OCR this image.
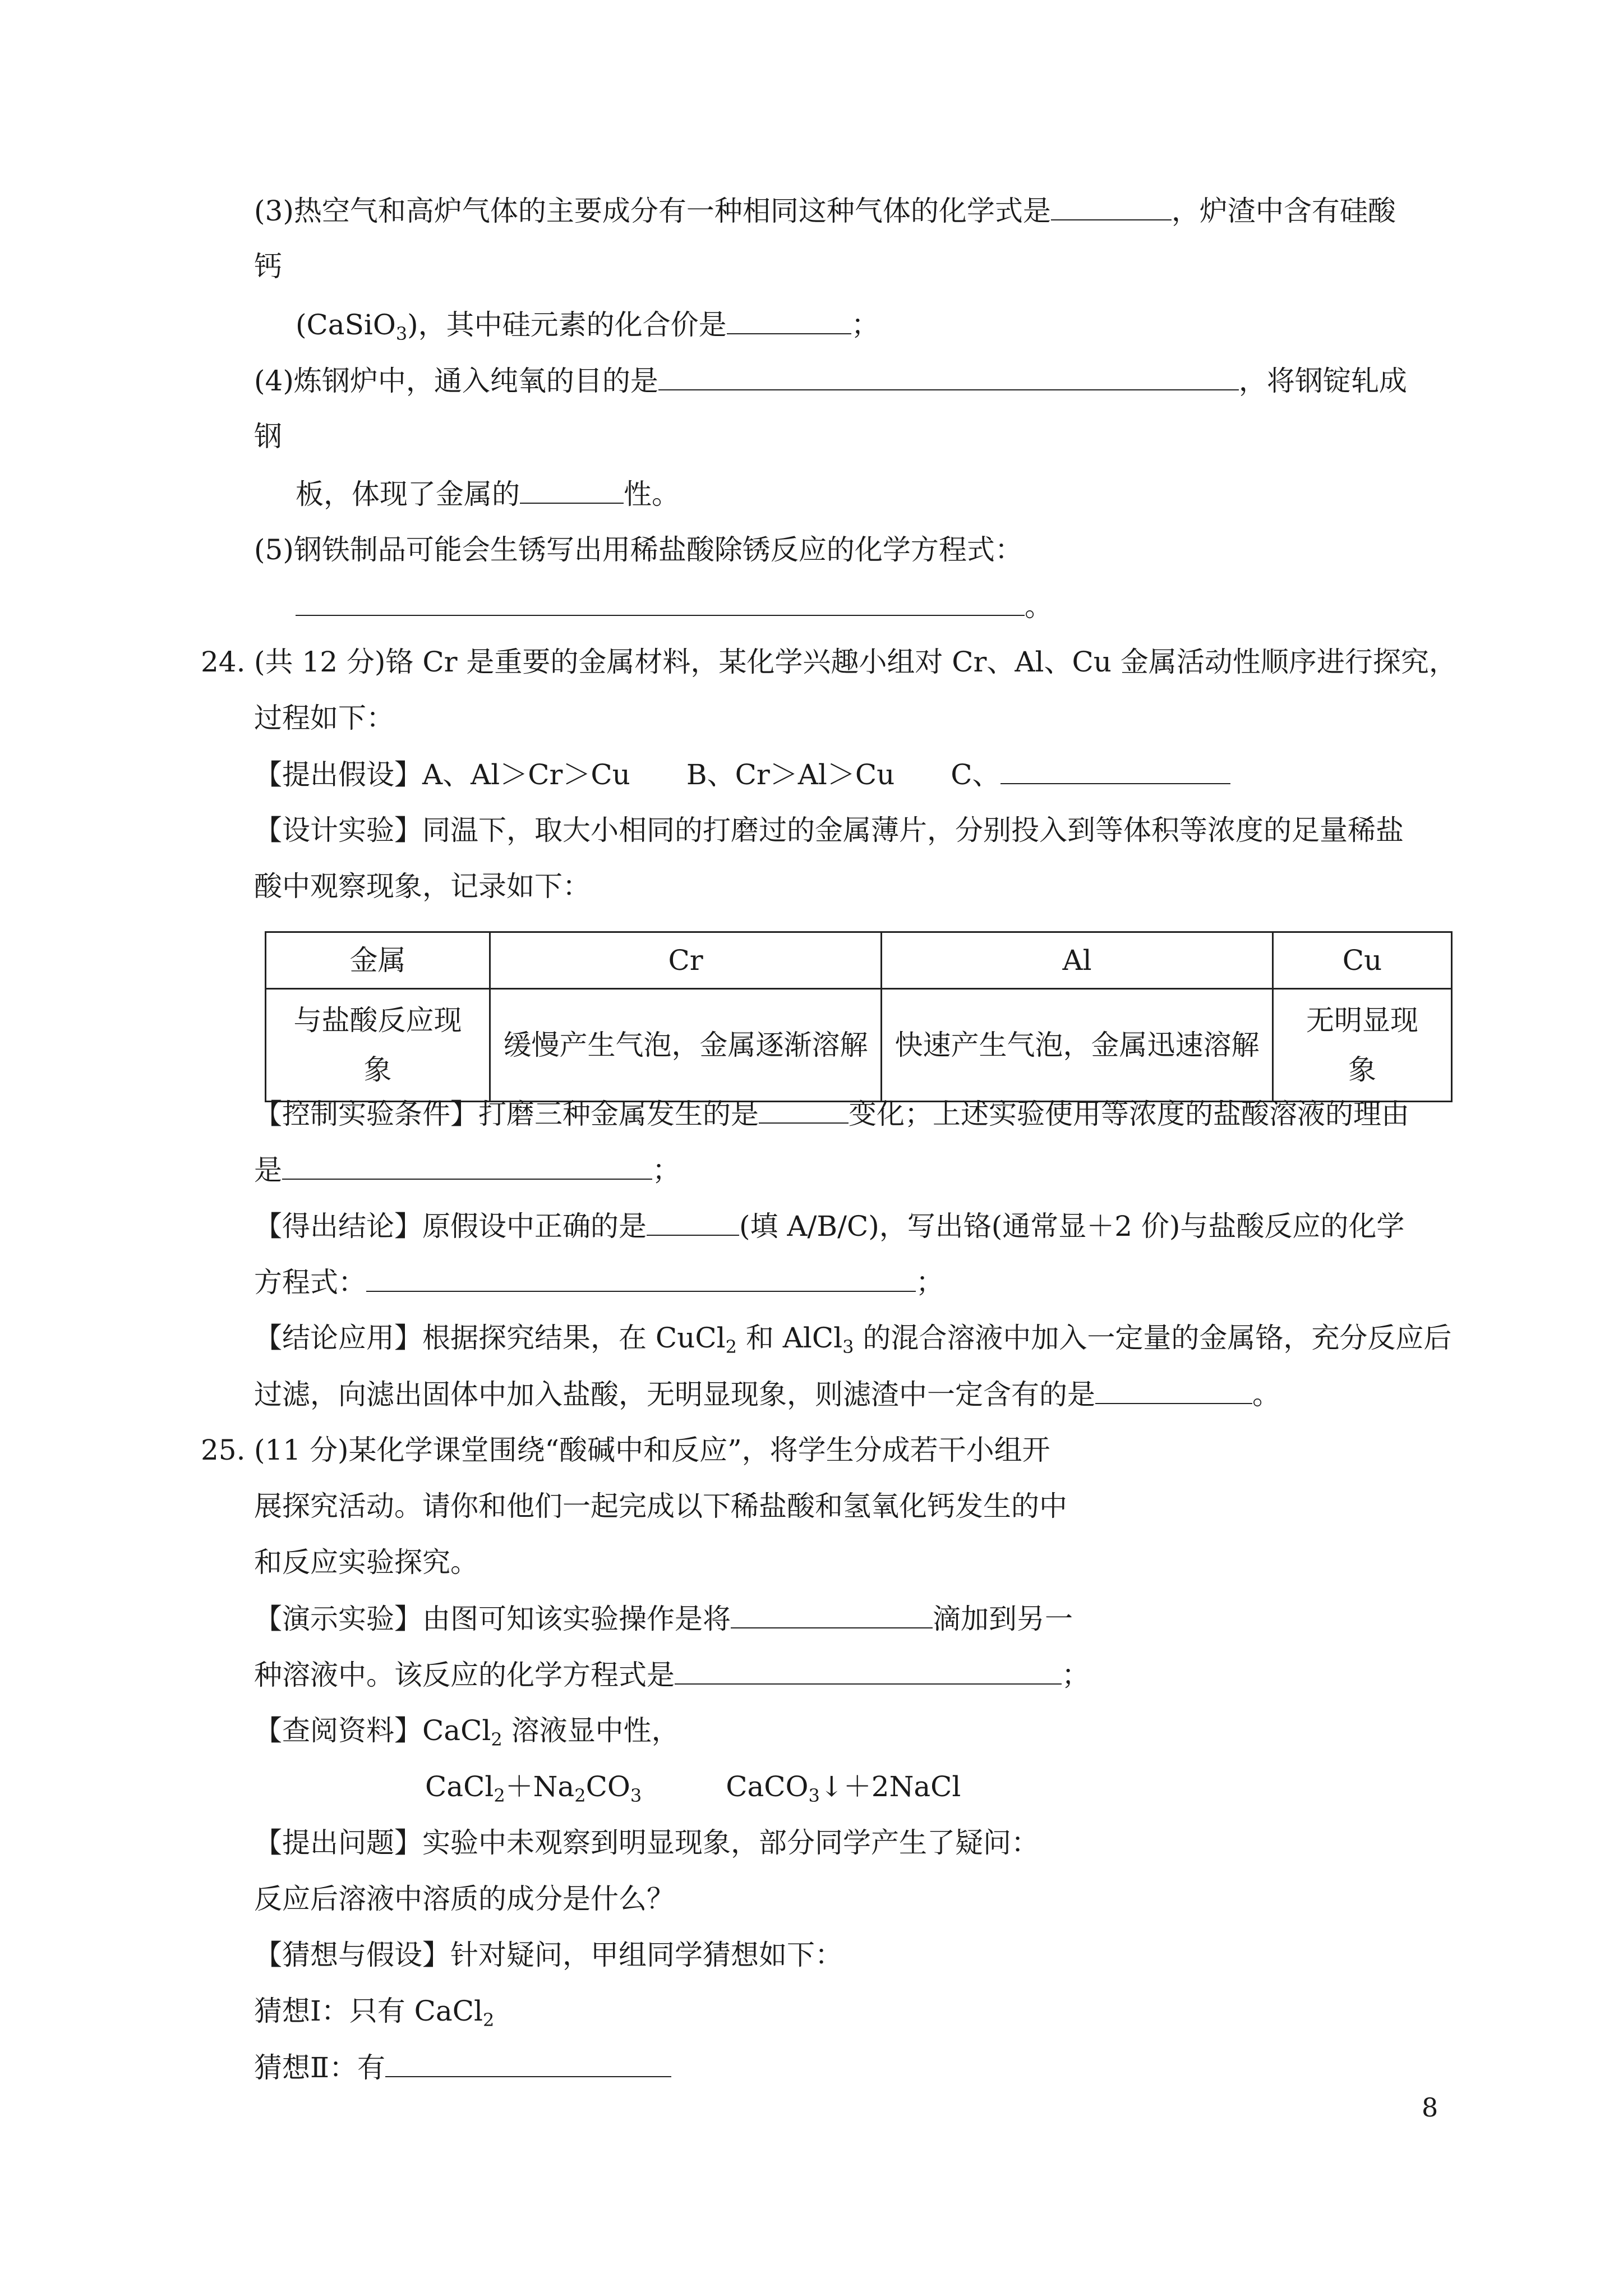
(3)热空气和高炉气体的主要成分有一种相同这种气体的化学式是	，炉渣中含有硅酸
钙
(CaSiO$_3$)，其中硅元素的化合价是	；
(4)炼钢炉中，通入纯氧的目的是	，将钢锭轧成
钢
板，体现了金属的	性。
(5)钢铁制品可能会生锈写出用稀盐酸除锈反应的化学方程式：
。
24. (共 12 分)铬 Cr 是重要的金属材料，某化学兴趣小组对 Cr、Al、Cu 金属活动性顺序进行探究，
过程如下：
【提出假设】A、Al＞Cr＞Cu　　B、Cr＞Al＞Cu　　C、
【设计实验】同温下，取大小相同的打磨过的金属薄片，分别投入到等体积等浓度的足量稀盐
酸中观察现象，记录如下：
金属	Cr	Al	Cu
与盐酸反应现
象	缓慢产生气泡，金属逐渐溶解	快速产生气泡，金属迅速溶解	无明显现
象
【控制实验条件】打磨三种金属发生的是	变化；上述实验使用等浓度的盐酸溶液的理由
是	；
【得出结论】原假设中正确的是	(填 A/B/C)，写出铬(通常显＋2 价)与盐酸反应的化学
方程式：	；
【结论应用】根据探究结果，在 CuCl$_2$ 和 AlCl$_3$ 的混合溶液中加入一定量的金属铬，充分反应后
过滤，向滤出固体中加入盐酸，无明显现象，则滤渣中一定含有的是	。
25. (11 分)某化学课堂围绕“酸碱中和反应”，将学生分成若干小组开
展探究活动。请你和他们一起完成以下稀盐酸和氢氧化钙发生的中
和反应实验探究。
【演示实验】由图可知该实验操作是将	滴加到另一
种溶液中。该反应的化学方程式是	；
【查阅资料】CaCl$_2$ 溶液显中性，
$CaCl_2+Na_2CO_3$　　　CaCO$_3$↓＋2NaCl
【提出问题】实验中未观察到明显现象，部分同学产生了疑问：
反应后溶液中溶质的成分是什么？
【猜想与假设】针对疑问，甲组同学猜想如下：
猜想Ⅰ：只有 CaCl$_2$
猜想Ⅱ：有
8
